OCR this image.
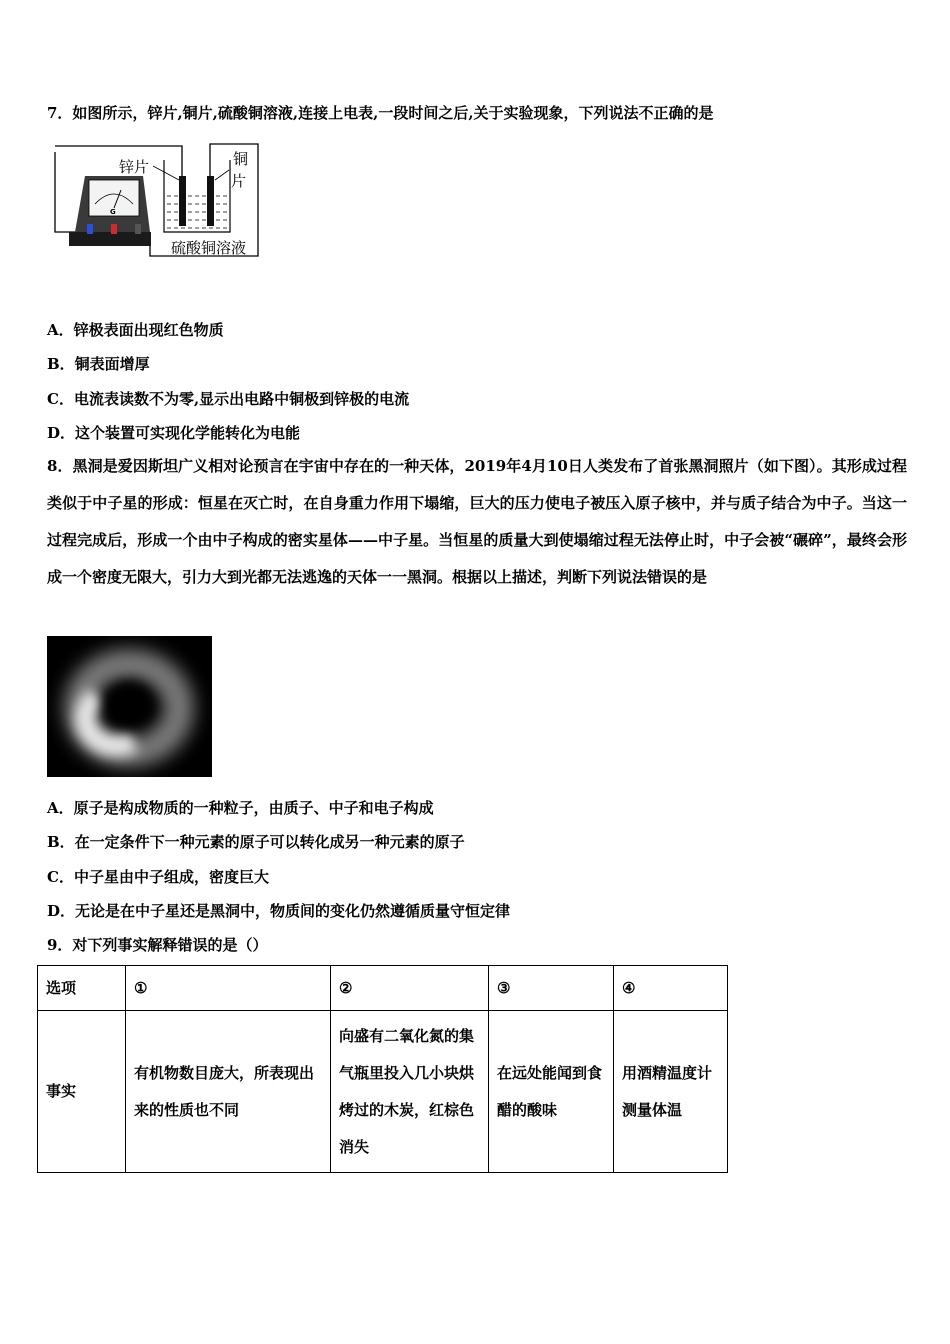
7．如图所示，锌片,铜片,硫酸铜溶液,连接上电表,一段时间之后,关于实验现象，下列说法不正确的是
G
锌片	铜
片
硫酸铜溶液
A．锌极表面出现红色物质
B．铜表面增厚
C．电流表读数不为零,显示出电路中铜极到锌极的电流
D．这个装置可实现化学能转化为电能
8．黑洞是爱因斯坦广义相对论预言在宇宙中存在的一种天体，2019年4月10日人类发布了首张黑洞照片（如下图）。其形成过程类似于中子星的形成：恒星在灭亡时，在自身重力作用下塌缩，巨大的压力使电子被压入原子核中，并与质子结合为中子。当这一过程完成后，形成一个由中子构成的密实星体——中子星。当恒星的质量大到使塌缩过程无法停止时，中子会被“碾碎”，最终会形成一个密度无限大，引力大到光都无法逃逸的天体一一黑洞。根据以上描述，判断下列说法错误的是
A．原子是构成物质的一种粒子，由质子、中子和电子构成
B．在一定条件下一种元素的原子可以转化成另一种元素的原子
C．中子星由中子组成，密度巨大
D．无论是在中子星还是黑洞中，物质间的变化仍然遵循质量守恒定律
9．对下列事实解释错误的是（）
选项	①	②	③	④
事实	有机物数目庞大，所表现出来的性质也不同	向盛有二氧化氮的集气瓶里投入几小块烘烤过的木炭，红棕色消失	在远处能闻到食醋的酸味	用酒精温度计测量体温
